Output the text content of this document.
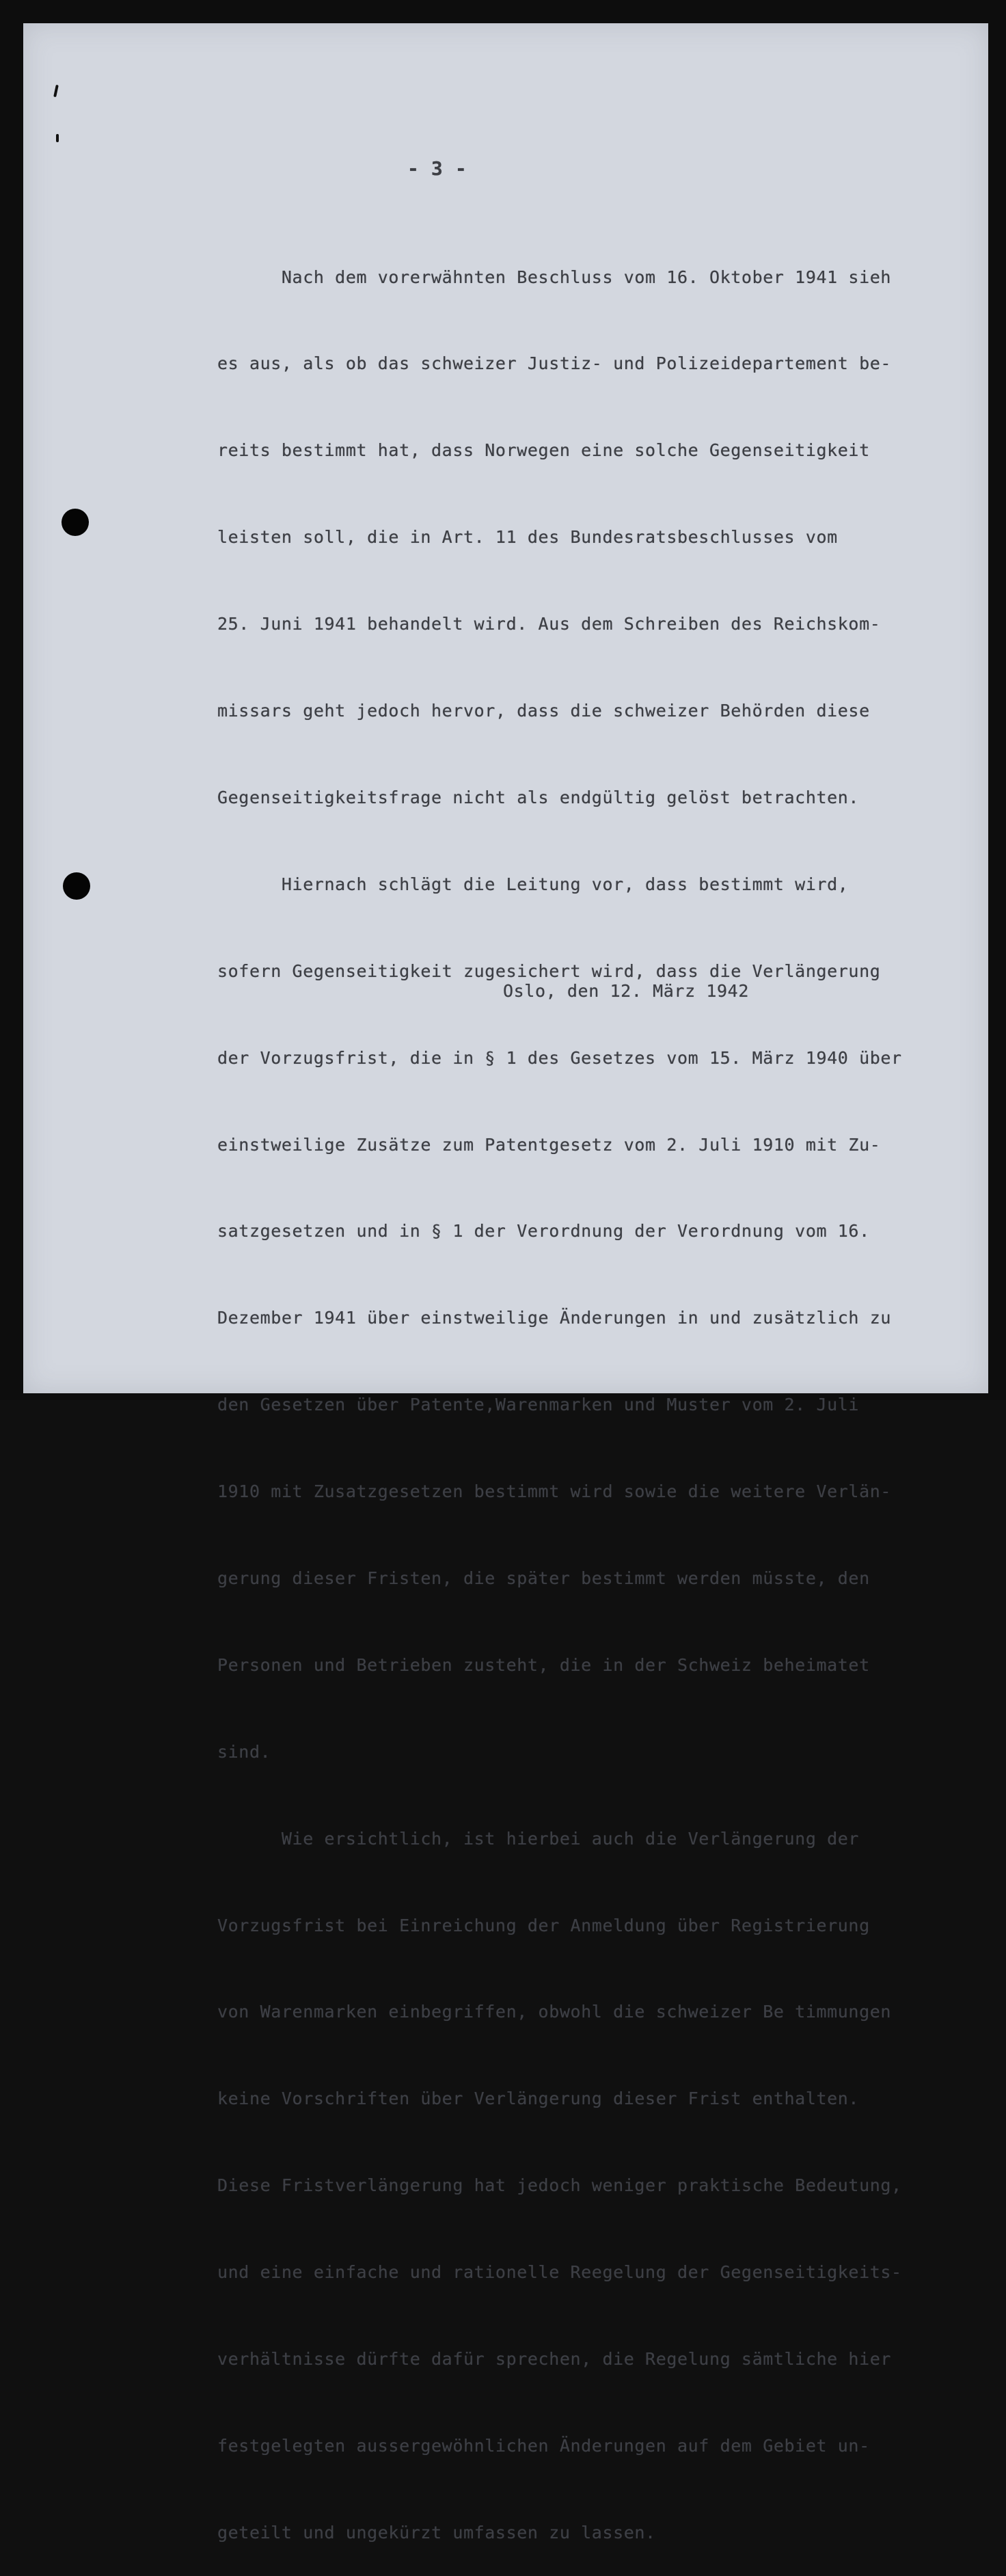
- 3 -

Nach dem vorerwähnten Beschluss vom 16. Oktober 1941 sieh

es aus, als ob das schweizer Justiz- und Polizeidepartement be-

reits bestimmt hat, dass Norwegen eine solche Gegenseitigkeit

leisten soll, die in Art. 11 des Bundesratsbeschlusses vom

25. Juni 1941 behandelt wird. Aus dem Schreiben des Reichskom-

missars geht jedoch hervor, dass die schweizer Behörden diese

Gegenseitigkeitsfrage nicht als endgültig gelöst betrachten.

Hiernach schlägt die Leitung vor, dass bestimmt wird,

sofern Gegenseitigkeit zugesichert wird, dass die Verlängerung

der Vorzugsfrist, die in § 1 des Gesetzes vom 15. März 1940 über

einstweilige Zusätze zum Patentgesetz vom 2. Juli 1910 mit Zu-

satzgesetzen und in § 1 der Verordnung der Verordnung vom 16.

Dezember 1941 über einstweilige Änderungen in und zusätzlich zu

den Gesetzen über Patente,Warenmarken und Muster vom 2. Juli

1910 mit Zusatzgesetzen bestimmt wird sowie die weitere Verlän-

gerung dieser Fristen, die später bestimmt werden müsste, den

Personen und Betrieben zusteht, die in der Schweiz beheimatet

sind.

Wie ersichtlich, ist hierbei auch die Verlängerung der

Vorzugsfrist bei Einreichung der Anmeldung über Registrierung

von Warenmarken einbegriffen, obwohl die schweizer Be timmungen

keine Vorschriften über Verlängerung dieser Frist enthalten.

Diese Fristverlängerung hat jedoch weniger praktische Bedeutung,

und eine einfache und rationelle Reegelung der Gegenseitigkeits-

verhältnisse dürfte dafür sprechen, die Regelung sämtliche hier

festgelegten aussergewöhnlichen Änderungen auf dem Gebiet un-

geteilt und ungekürzt umfassen zu lassen.

Oslo, den 12. März 1942
